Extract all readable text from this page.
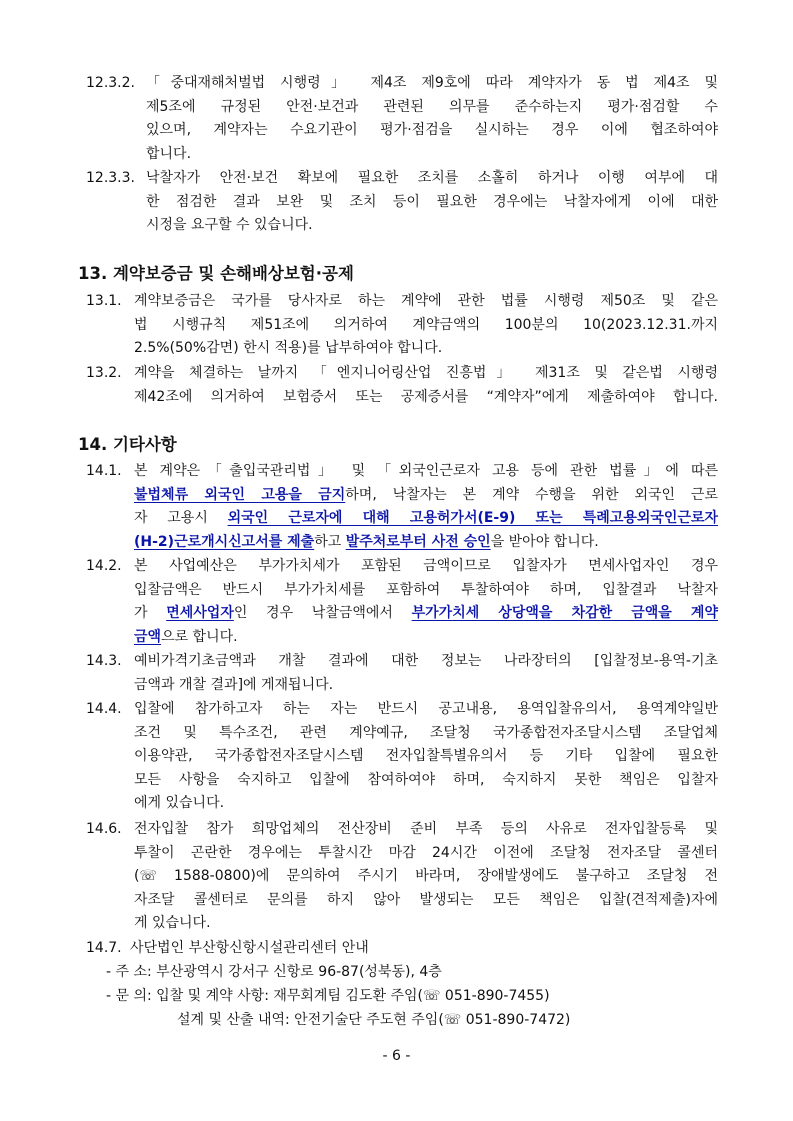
12.3.2. 「중대재해처벌법 시행령」 제4조 제9호에 따라 계약자가 동 법 제4조 및
제5조에 규정된 안전·보건과 관련된 의무를 준수하는지 평가·점검할 수
있으며, 계약자는 수요기관이 평가·점검을 실시하는 경우 이에 협조하여야
합니다.
12.3.3. 낙찰자가 안전·보건 확보에 필요한 조치를 소홀히 하거나 이행 여부에 대
한 점검한 결과 보완 및 조치 등이 필요한 경우에는 낙찰자에게 이에 대한
시정을 요구할 수 있습니다.
13. 계약보증금 및 손해배상보험·공제
13.1. 계약보증금은 국가를 당사자로 하는 계약에 관한 법률 시행령 제50조 및 같은
법 시행규칙 제51조에 의거하여 계약금액의 100분의 10(2023.12.31.까지
2.5%(50%감면) 한시 적용)를 납부하여야 합니다.
13.2. 계약을 체결하는 날까지 「엔지니어링산업 진흥법」 제31조 및 같은법 시행령
제42조에 의거하여 보험증서 또는 공제증서를 “계약자”에게 제출하여야 합니다.
14. 기타사항
14.1. 본 계약은「출입국관리법」 및 「외국인근로자 고용 등에 관한 법률」에 따른
불법체류 외국인 고용을 금지하며, 낙찰자는 본 계약 수행을 위한 외국인 근로
자 고용시 외국인 근로자에 대해 고용허가서(E-9) 또는 특례고용외국인근로자
(H-2)근로개시신고서를 제출하고 발주처로부터 사전 승인을 받아야 합니다.
14.2. 본 사업예산은 부가가치세가 포함된 금액이므로 입찰자가 면세사업자인 경우
입찰금액은 반드시 부가가치세를 포함하여 투찰하여야 하며, 입찰결과 낙찰자
가 면세사업자인 경우 낙찰금액에서 부가가치세 상당액을 차감한 금액을 계약
금액으로 합니다.
14.3. 예비가격기초금액과 개찰 결과에 대한 정보는 나라장터의 [입찰정보-용역-기초
금액과 개찰 결과]에 게재됩니다.
14.4. 입찰에 참가하고자 하는 자는 반드시 공고내용, 용역입찰유의서, 용역계약일반
조건 및 특수조건, 관련 계약예규, 조달청 국가종합전자조달시스템 조달업체
이용약관, 국가종합전자조달시스템 전자입찰특별유의서 등 기타 입찰에 필요한
모든 사항을 숙지하고 입찰에 참여하여야 하며, 숙지하지 못한 책임은 입찰자
에게 있습니다.
14.6. 전자입찰 참가 희망업체의 전산장비 준비 부족 등의 사유로 전자입찰등록 및
투찰이 곤란한 경우에는 투찰시간 마감 24시간 이전에 조달청 전자조달 콜센터
(☏ 1588-0800)에 문의하여 주시기 바라며, 장애발생에도 불구하고 조달청 전
자조달 콜센터로 문의를 하지 않아 발생되는 모든 책임은 입찰(견적제출)자에
게 있습니다.
14.7. 사단법인 부산항신항시설관리센터 안내
- 주 소: 부산광역시 강서구 신항로 96-87(성북동), 4층
- 문 의: 입찰 및 계약 사항: 재무회계팀 김도환 주임(☏ 051-890-7455)
설계 및 산출 내역: 안전기술단 주도현 주임(☏ 051-890-7472)
- 6 -
